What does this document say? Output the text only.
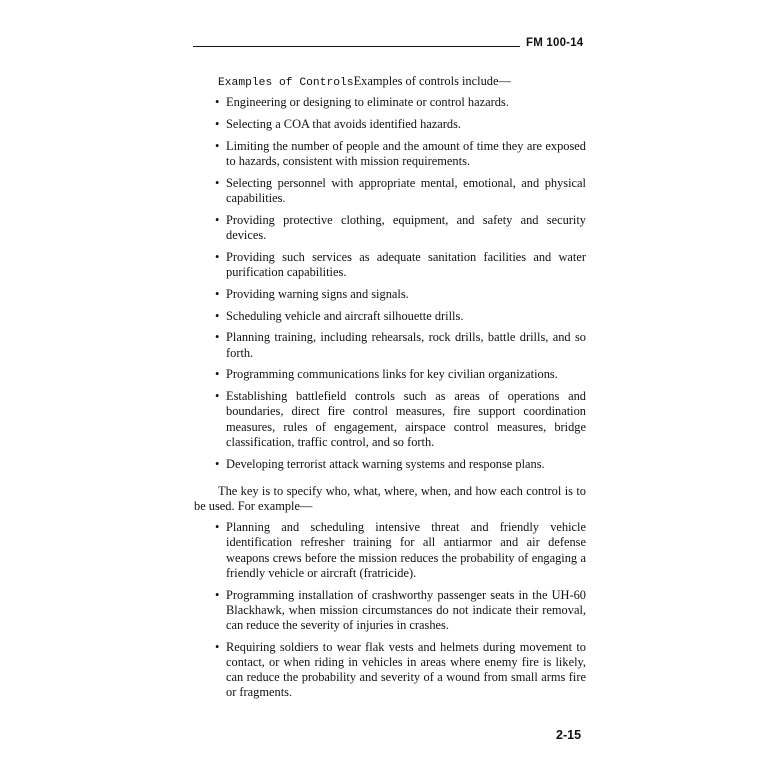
FM 100-14

Examples of ControlsExamples of controls include—

• Engineering or designing to eliminate or control hazards.
• Selecting a COA that avoids identified hazards.
• Limiting the number of people and the amount of time they are exposed to hazards, consistent with mission requirements.
• Selecting personnel with appropriate mental, emotional, and physical capabilities.
• Providing protective clothing, equipment, and safety and security devices.
• Providing such services as adequate sanitation facilities and water purification capabilities.
• Providing warning signs and signals.
• Scheduling vehicle and aircraft silhouette drills.
• Planning training, including rehearsals, rock drills, battle drills, and so forth.
• Programming communications links for key civilian organizations.
• Establishing battlefield controls such as areas of operations and boundaries, direct fire control measures, fire support coordination measures, rules of engagement, airspace control measures, bridge classification, traffic control, and so forth.
• Developing terrorist attack warning systems and response plans.

The key is to specify who, what, where, when, and how each control is to be used. For example—

• Planning and scheduling intensive threat and friendly vehicle identification refresher training for all antiarmor and air defense weapons crews before the mission reduces the probability of engaging a friendly vehicle or aircraft (fratricide).
• Programming installation of crashworthy passenger seats in the UH-60 Blackhawk, when mission circumstances do not indicate their removal, can reduce the severity of injuries in crashes.
• Requiring soldiers to wear flak vests and helmets during movement to contact, or when riding in vehicles in areas where enemy fire is likely, can reduce the probability and severity of a wound from small arms fire or fragments.
2-15
